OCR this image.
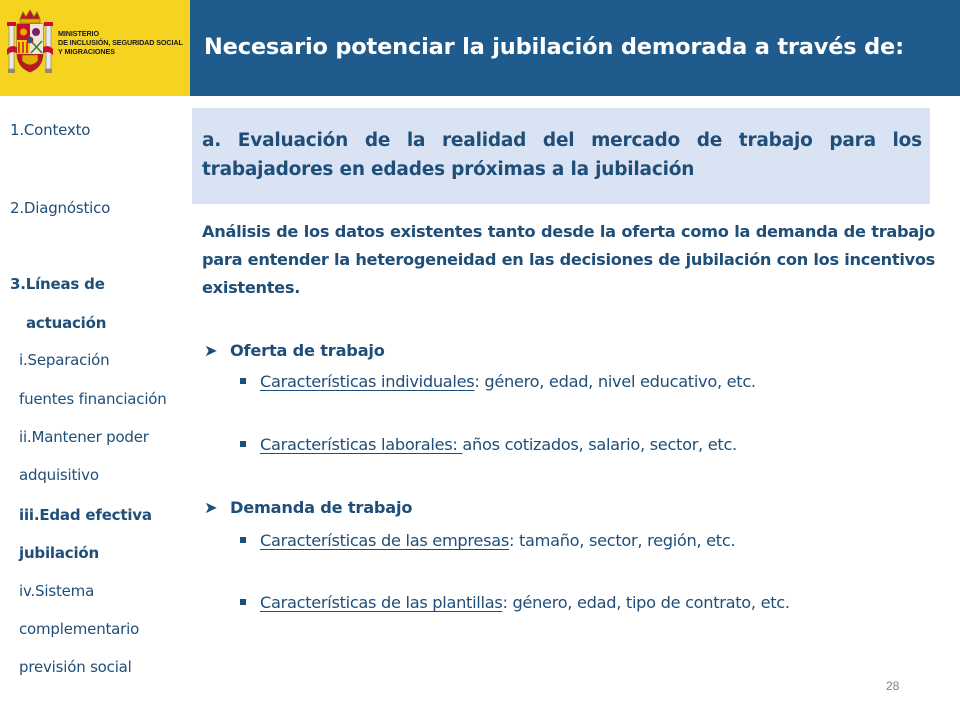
MINISTERIO
DE INCLUSIÓN, SEGURIDAD SOCIAL
Y MIGRACIONES	Necesario potenciar la jubilación demorada a través de:
1.Contexto
2.Diagnóstico
3.Líneas de
actuación
i.Separación
fuentes financiación
ii.Mantener poder
adquisitivo
iii.Edad efectiva
jubilación
iv.Sistema
complementario
previsión social
a. Evaluación de la realidad del mercado de trabajo para los trabajadores en edades próximas a la jubilación
Análisis de los datos existentes tanto desde la oferta como la demanda de trabajo para entender la heterogeneidad en las decisiones de jubilación con los incentivos existentes.
➤ Oferta de trabajo
Características individuales: género, edad, nivel educativo, etc.
Características laborales: años cotizados, salario, sector, etc.
➤ Demanda de trabajo
Características de las empresas: tamaño, sector, región, etc.
Características de las plantillas: género, edad, tipo de contrato, etc.
28
